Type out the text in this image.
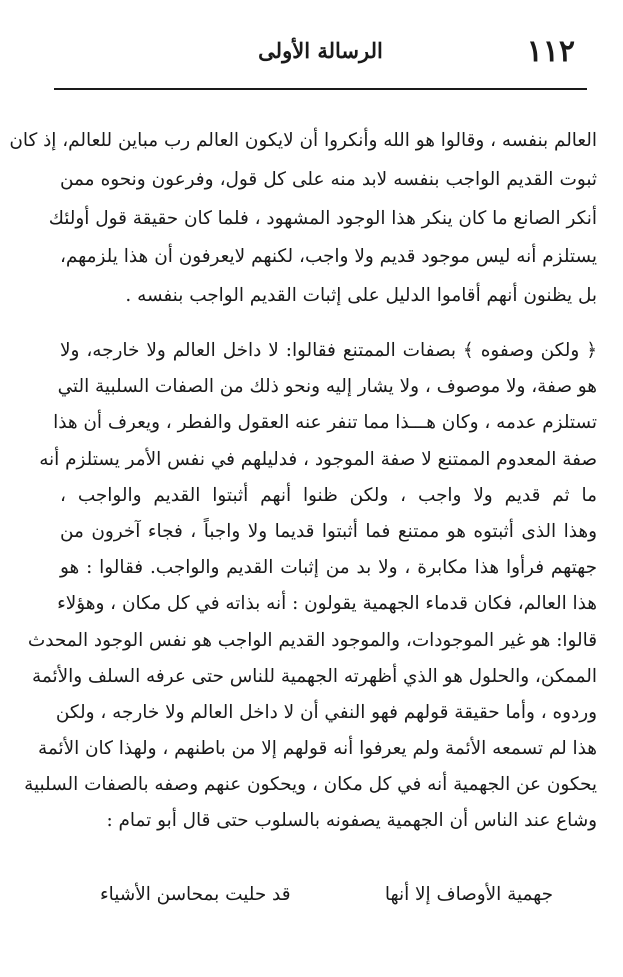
١١٢
الرسالة الأولى
العالم بنفسه ، وقالوا هو الله وأنكروا أن لايكون العالم رب مباين للعالم، إذ كان
ثبوت القديم الواجب بنفسه لابد منه على كل قول، وفرعون ونحوه ممن
أنكر الصانع ما كان ينكر هذا الوجود المشهود ، فلما كان حقيقة قول أولئك
يستلزم أنه ليس موجود قديم ولا واجب، لكنهم لايعرفون أن هذا يلزمهم،
بل يظنون أنهم أقاموا الدليل على إثبات القديم الواجب بنفسه .
﴿ ولكن وصفوه ﴾ بصفات الممتنع فقالوا: لا داخل العالم ولا خارجه، ولا
هو صفة، ولا موصوف ، ولا يشار إليه ونحو ذلك من الصفات السلبية التي
تستلزم عدمه ، وكان هـــذا مما تنفر عنه العقول والفطر ، ويعرف أن هذا
صفة المعدوم الممتنع لا صفة الموجود ، فدليلهم في نفس الأمر يستلزم أنه
ما ثم قديم ولا واجب ، ولكن ظنوا أنهم أثبتوا القديم والواجب ،
وهذا الذى أثبتوه هو ممتنع فما أثبتوا قديما ولا واجباً ، فجاء آخرون من
جهتهم فرأوا هذا مكابرة ، ولا بد من إثبات القديم والواجب. فقالوا : هو
هذا العالم، فكان قدماء الجهمية يقولون : أنه بذاته في كل مكان ، وهؤلاء
قالوا: هو غير الموجودات، والموجود القديم الواجب هو نفس الوجود المحدث
الممكن، والحلول هو الذي أظهرته الجهمية للناس حتى عرفه السلف والأئمة
وردوه ، وأما حقيقة قولهم فهو النفي أن لا داخل العالم ولا خارجه ، ولكن
هذا لم تسمعه الأئمة ولم يعرفوا أنه قولهم إلا من باطنهم ، ولهذا كان الأئمة
يحكون عن الجهمية أنه في كل مكان ، ويحكون عنهم وصفه بالصفات السلبية
وشاع عند الناس أن الجهمية يصفونه بالسلوب حتى قال أبو تمام :
جهمية الأوصاف إلا أنها
قد حليت بمحاسن الأشياء
